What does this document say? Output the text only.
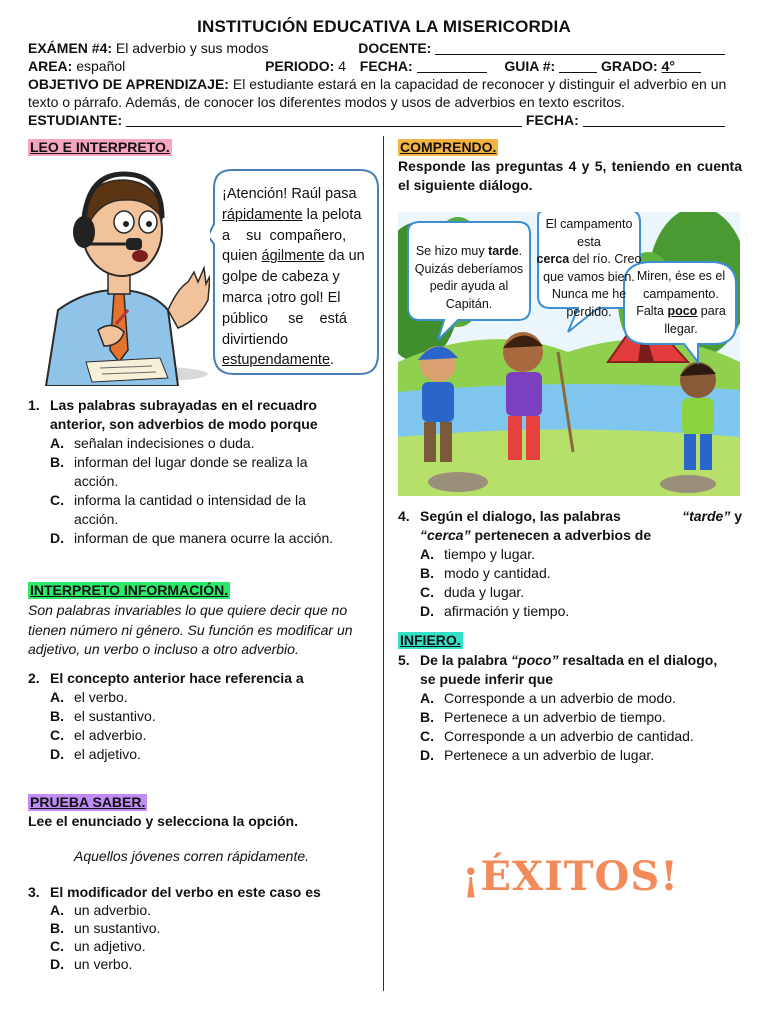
INSTITUCIÓN EDUCATIVA LA MISERICORDIA
EXÁMEN #4: El adverbio y sus modos	DOCENTE:
AREA: español	PERIODO: 4 FECHA:	GUIA #:	GRADO: 4°
OBJETIVO DE APRENDIZAJE: El estudiante estará en la capacidad de reconocer y distinguir el adverbio en un texto o párrafo. Además, de conocer los diferentes modos y usos de adverbios en texto escritos.
ESTUDIANTE:	FECHA:
LEO E INTERPRETO.
¡Atención! Raúl pasa
rápidamente la pelota
a    su  compañero,
quien ágilmente da un
golpe de cabeza y
marca ¡otro gol! El
público     se    está
divirtiendo
estupendamente.
1. Las palabras subrayadas en el recuadro anterior, son adverbios de modo porque
A. señalan indecisiones o duda.
B. informan del lugar donde se realiza la acción.
C. informa la cantidad o intensidad de la acción.
D. informan de que manera ocurre la acción.
INTERPRETO INFORMACIÓN.
Son palabras invariables lo que quiere decir que no tienen número ni género. Su función es modificar un adjetivo, un verbo o incluso a otro adverbio.
2. El concepto anterior hace referencia a
A. el verbo.
B. el sustantivo.
C. el adverbio.
D. el adjetivo.
PRUEBA SABER.
Lee el enunciado y selecciona la opción.
Aquellos jóvenes corren rápidamente.
3. El modificador del verbo en este caso es
A. un adverbio.
B. un sustantivo.
C. un adjetivo.
D. un verbo.
COMPRENDO.
Responde las preguntas 4 y 5, teniendo en cuenta el siguiente diálogo.
Se hizo muy tarde.
Quizás deberíamos
pedir ayuda al
Capitán.
El campamento esta
cerca del río. Creo
que vamos bien.
Nunca me he
perdido.
Miren, ése es el
campamento.
Falta poco para
llegar.
4. Según el dialogo, las palabras	“tarde” y
“cerca” pertenecen a adverbios de
A. tiempo y lugar.
B. modo y cantidad.
C. duda y lugar.
D. afirmación y tiempo.
INFIERO.
5. De la palabra “poco” resaltada en el dialogo,
se puede inferir que
A. Corresponde a un adverbio de modo.
B. Pertenece a un adverbio de tiempo.
C. Corresponde a un adverbio de cantidad.
D. Pertenece a un adverbio de lugar.
¡ÉXITOS!
